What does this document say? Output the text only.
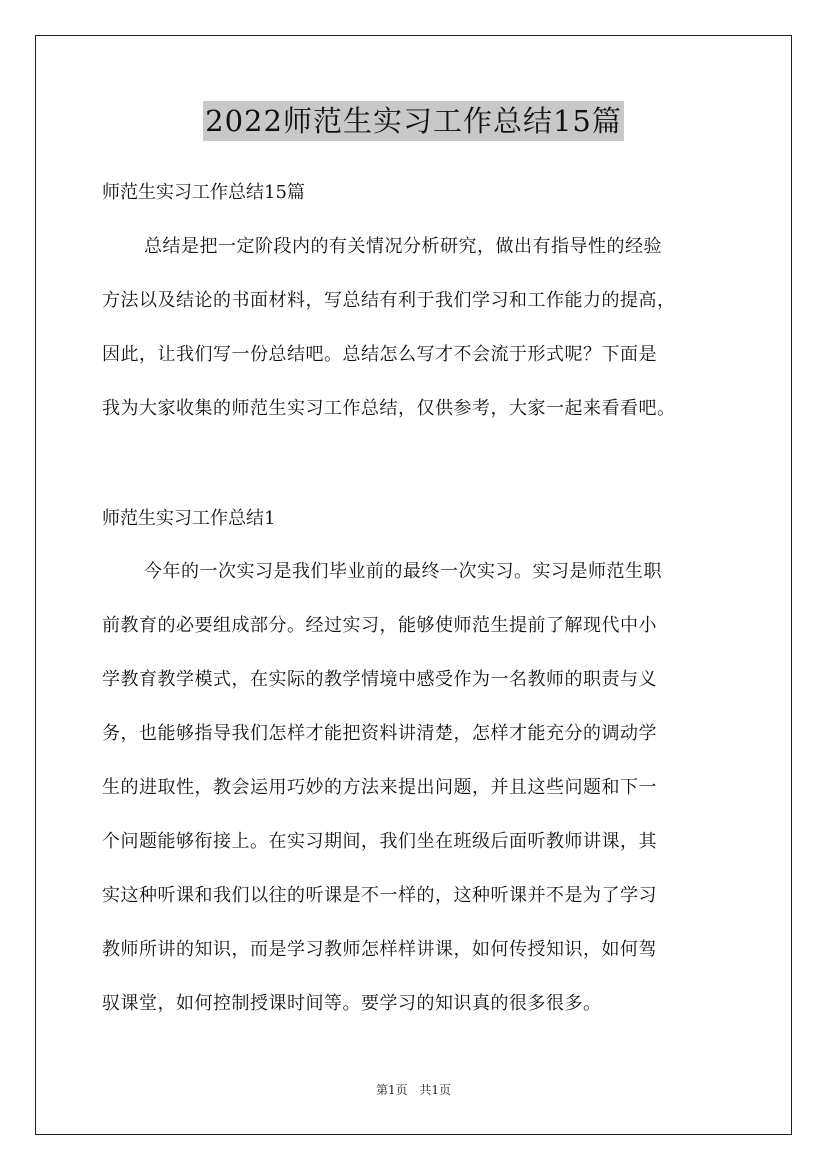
2022师范生实习工作总结15篇
师范生实习工作总结15篇
总结是把一定阶段内的有关情况分析研究，做出有指导性的经验
方法以及结论的书面材料，写总结有利于我们学习和工作能力的提高，
因此，让我们写一份总结吧。总结怎么写才不会流于形式呢？下面是
我为大家收集的师范生实习工作总结，仅供参考，大家一起来看看吧。
师范生实习工作总结1
今年的一次实习是我们毕业前的最终一次实习。实习是师范生职
前教育的必要组成部分。经过实习，能够使师范生提前了解现代中小
学教育教学模式，在实际的教学情境中感受作为一名教师的职责与义
务，也能够指导我们怎样才能把资料讲清楚，怎样才能充分的调动学
生的进取性，教会运用巧妙的方法来提出问题，并且这些问题和下一
个问题能够衔接上。在实习期间，我们坐在班级后面听教师讲课，其
实这种听课和我们以往的听课是不一样的，这种听课并不是为了学习
教师所讲的知识，而是学习教师怎样样讲课，如何传授知识，如何驾
驭课堂，如何控制授课时间等。要学习的知识真的很多很多。
第1页 共1页
